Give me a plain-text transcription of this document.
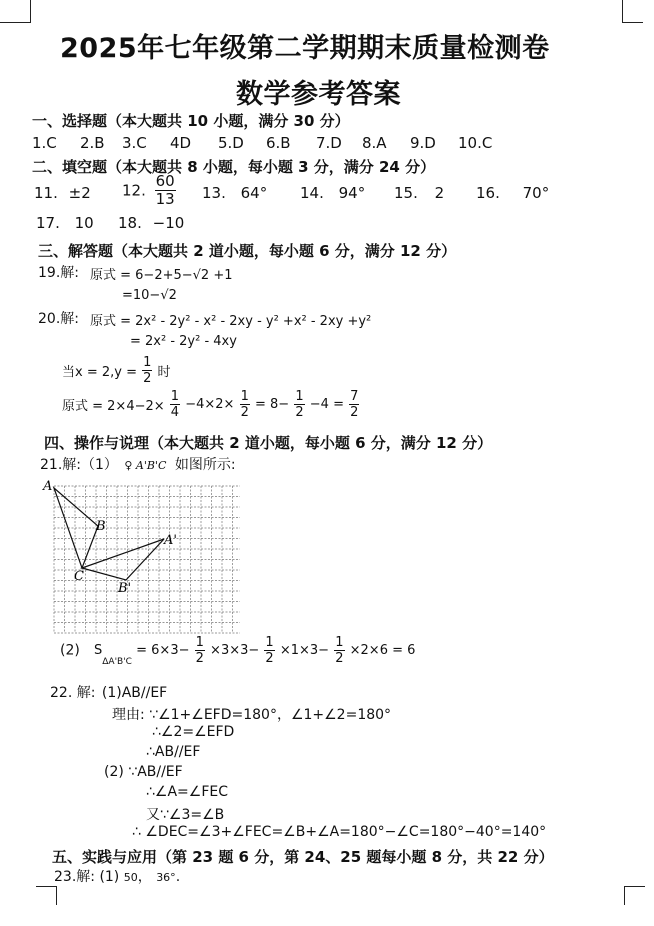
2025年七年级第二学期期末质量检测卷
数学参考答案
一、选择题（本大题共 10 小题，满分 30 分）
1.C 2.B 3.C 4D 5.D 6.B 7.D 8.A 9.D 10.C
二、填空题（本大题共 8 小题，每小题 3 分，满分 24 分）
11. ±2 12. $\frac{60}{13} 13$. 64° 14. 94° 15. 2 16. 70°
17. 10 18. −10
三、解答题（本大题共 2 道小题，每小题 6 分，满分 12 分）
19.解: 原式 = 6−2+5−√2 +1
=10−√2
20.解: 原式 = 2x² - 2y² - x² - 2xy - y² +x² - 2xy +y²
= 2x² - 2y² - 4xy
当$x = 2,y = \frac{1}{2}$ 时
原式 = $2\times 4-2\times \frac{1}{4} -4\times 2\times \frac{1}{2} = 8- \frac{1}{2} -4 = \frac{7}{2}$
四、操作与说理（本大题共 2 道小题，每小题 6 分，满分 12 分）
21.解:（1） ♀ A'B'C 如图所示:
A
B
A'
C
B'
(2) $S_{\Delta A'B'C} = 6\times 3- \frac{1}{2} \times 3\times 3- \frac{1}{2} \times 1\times 3- \frac{1}{2} \times 2\times 6 = 6$
22. 解: (1)AB//EF
理由: ∵∠1+∠EFD=180°，∠1+∠2=180°
∴∠2=∠EFD
∴AB//EF
(2) ∵AB//EF
∴∠A=∠FEC
又∵∠3=∠B
∴ ∠DEC=∠3+∠FEC=∠B+∠A=180°−∠C=180°−40°=140°
五、实践与应用（第 23 题 6 分，第 24、25 题每小题 8 分，共 22 分）
23.解: (1) 50， 36°.
